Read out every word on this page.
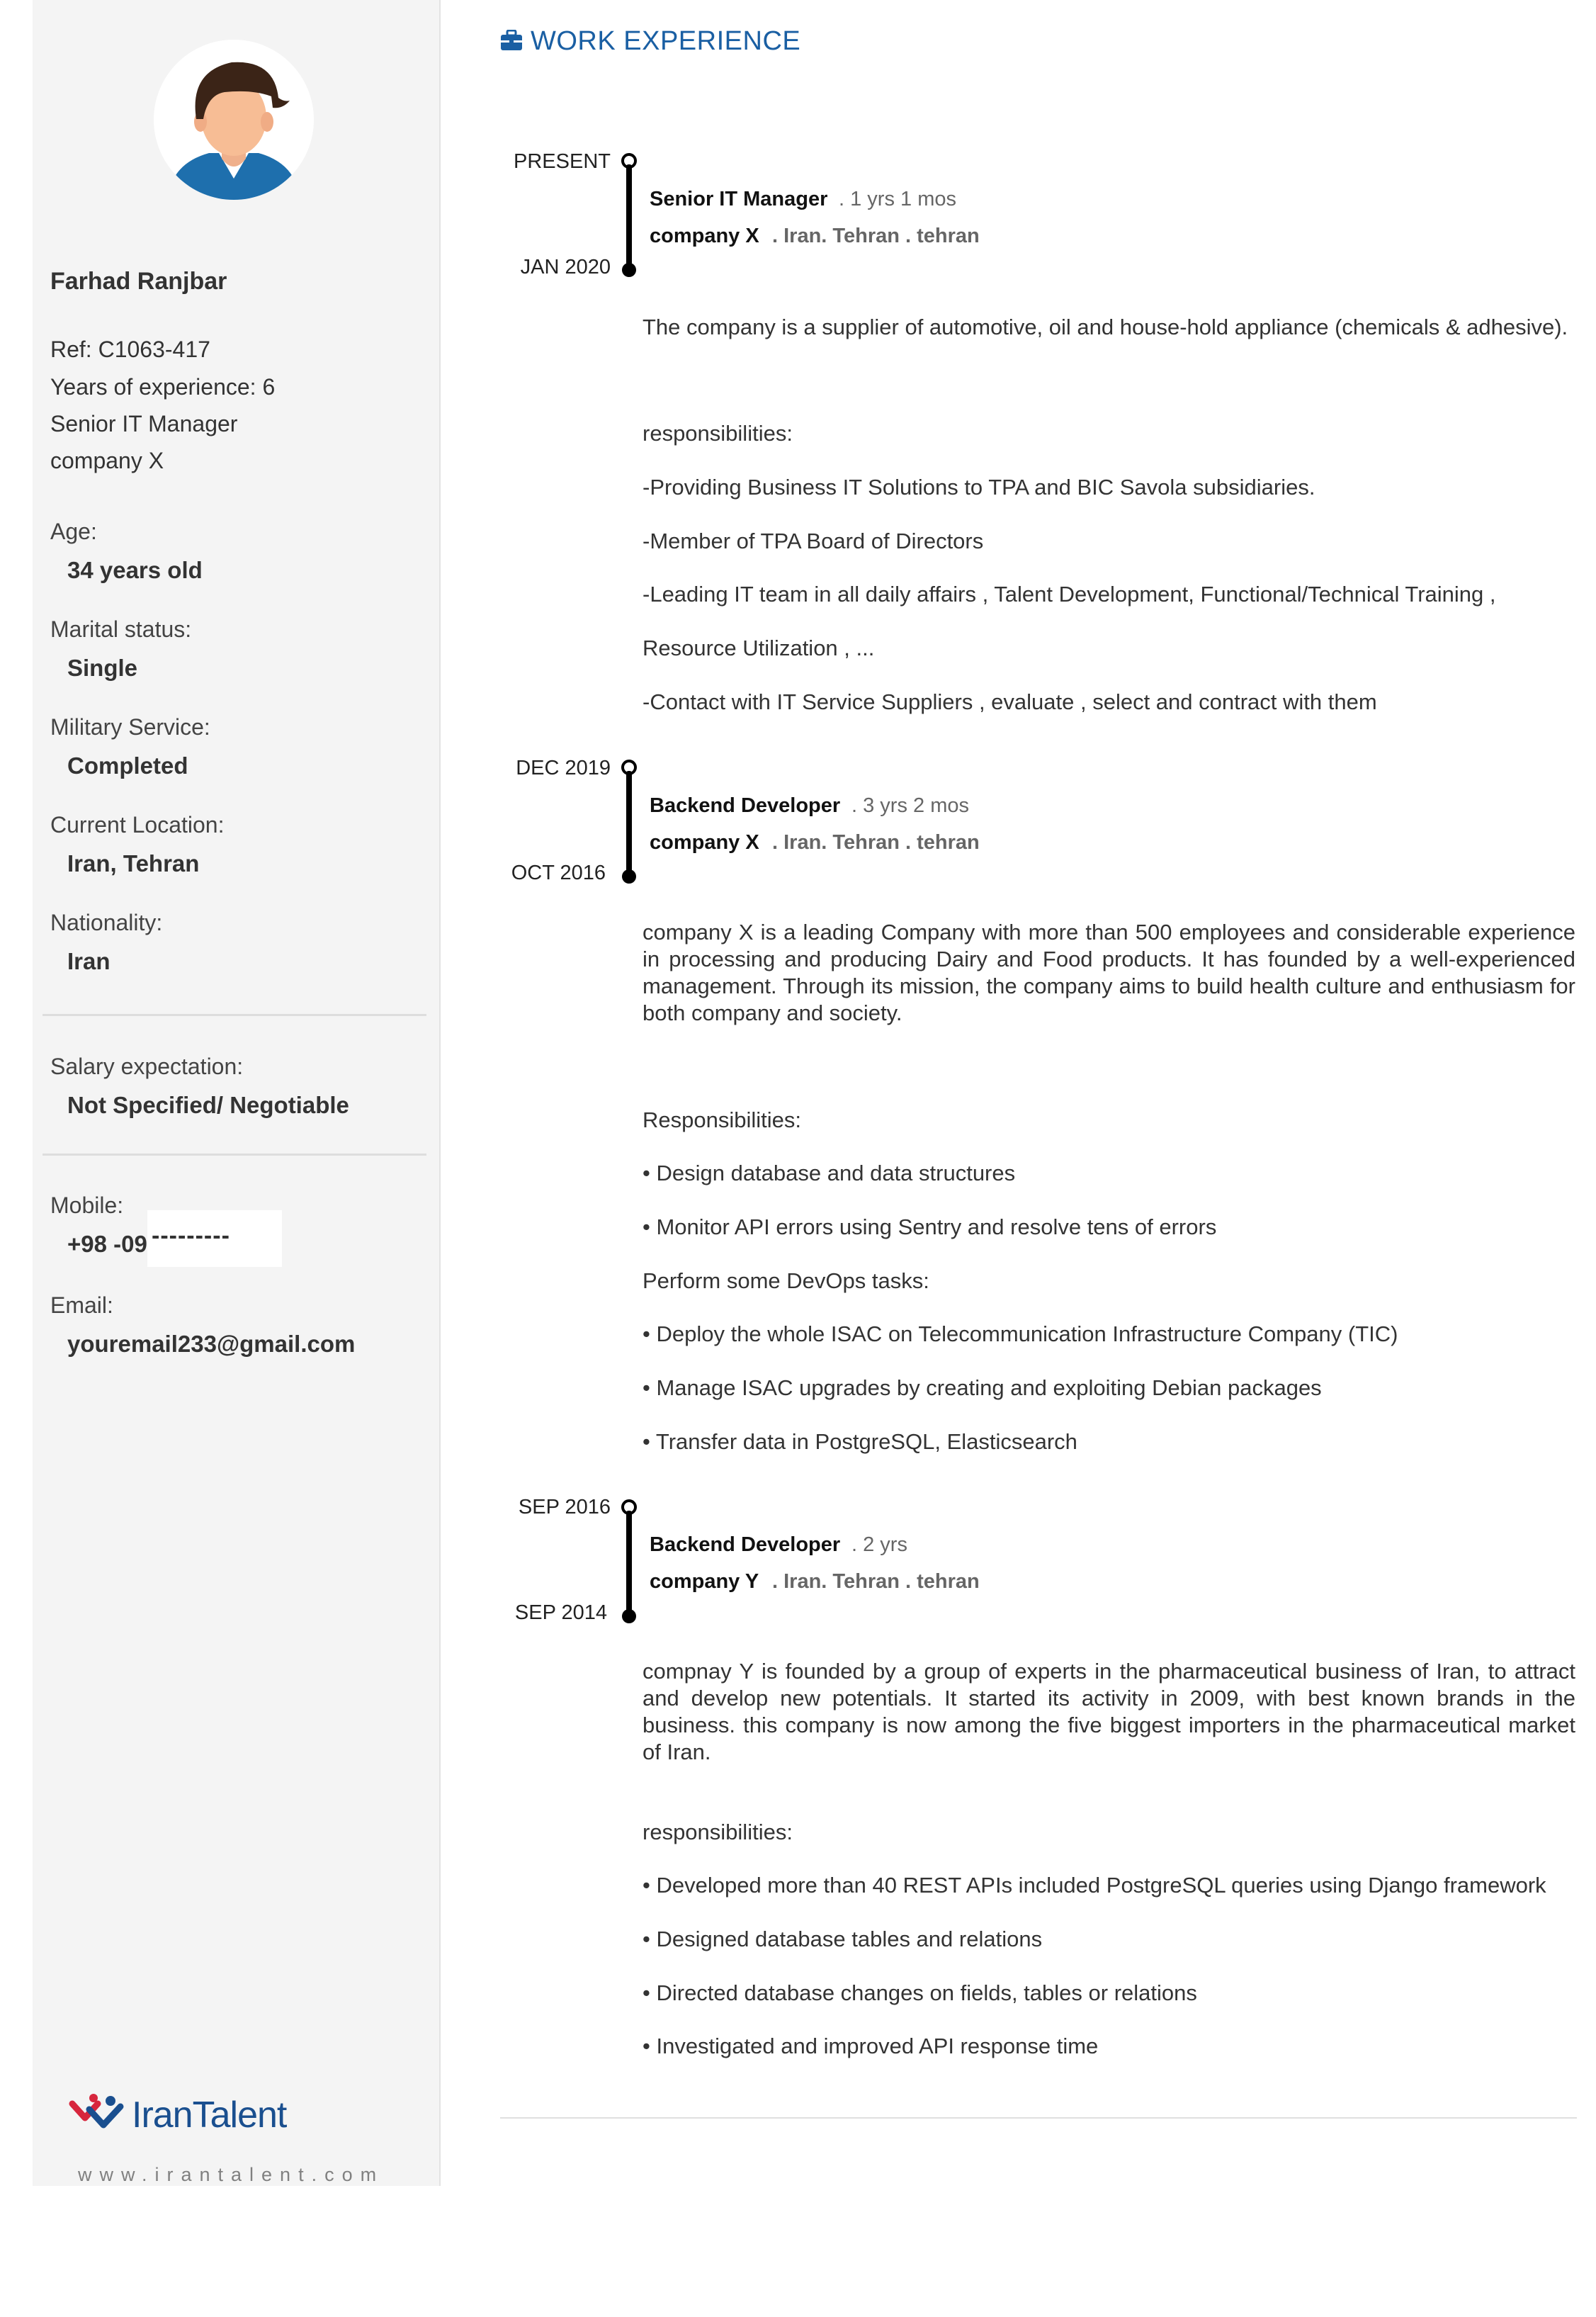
Farhad Ranjbar
Ref: C1063-417
Years of experience: 6
Senior IT Manager
company X
Age:
34 years old
Marital status:
Single
Military Service:
Completed
Current Location:
Iran, Tehran
Nationality:
Iran
Salary expectation:
Not Specified/ Negotiable
Mobile:
+98 -09 ---------
Email:
youremail233@gmail.com
IranTalent
www.irantalent.com
WORK EXPERIENCE
PRESENT
JAN 2020
Senior IT Manager . 1 yrs 1 mos
company X . Iran. Tehran . tehran
The company is a supplier of automotive, oil and house-hold appliance (chemicals & adhesive).
responsibilities:
-Providing Business IT Solutions to TPA and BIC Savola subsidiaries.
-Member of TPA Board of Directors
-Leading IT team in all daily affairs , Talent Development, Functional/Technical Training ,
Resource Utilization , ...
-Contact with IT Service Suppliers , evaluate , select and contract with them
DEC 2019
OCT 2016
Backend Developer . 3 yrs 2 mos
company X . Iran. Tehran . tehran
company X is a leading Company with more than 500 employees and considerable experience in processing and producing Dairy and Food products. It has founded by a well-experienced management. Through its mission, the company aims to build health culture and enthusiasm for both company and society.
Responsibilities:
• Design database and data structures
• Monitor API errors using Sentry and resolve tens of errors
Perform some DevOps tasks:
• Deploy the whole ISAC on Telecommunication Infrastructure Company (TIC)
• Manage ISAC upgrades by creating and exploiting Debian packages
• Transfer data in PostgreSQL, Elasticsearch
SEP 2016
SEP 2014
Backend Developer . 2 yrs
company Y . Iran. Tehran . tehran
compnay Y is founded by a group of experts in the pharmaceutical business of Iran, to attract and develop new potentials. It started its activity in 2009, with best known brands in the business. this company is now among the five biggest importers in the pharmaceutical market of Iran.
responsibilities:
• Developed more than 40 REST APIs included PostgreSQL queries using Django framework
• Designed database tables and relations
• Directed database changes on fields, tables or relations
• Investigated and improved API response time
